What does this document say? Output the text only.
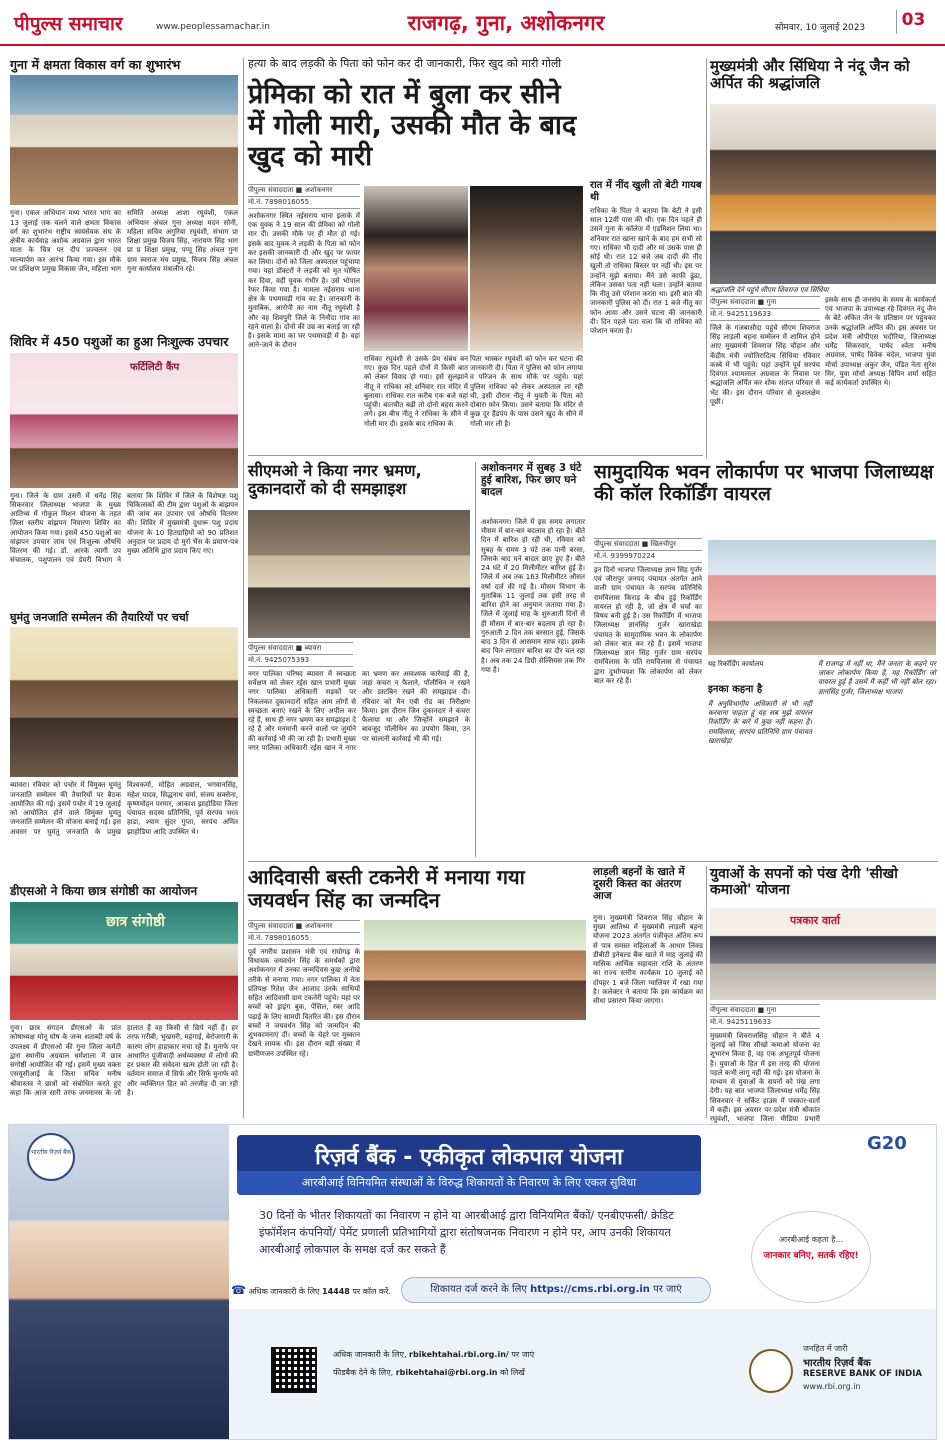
पीपुल्स समाचार	www.peoplessamachar.in	राजगढ़, गुना, अशोकनगर	सोमवार, 10 जुलाई 2023	03
गुना में क्षमता विकास वर्ग का शुभारंभ
गुना। एकल अभियान मध्य भारत भाग का 13 जुलाई तक चलने वाले क्षमता विकास वर्ग का शुभारंभ राष्ट्रीय स्वयंसेवक संघ के क्षेत्रीय कार्यवाह अशोक अग्रवाल द्वारा भारत माता के चित्र पर दीप प्रज्वलन एवं माल्यार्पण कर आरंभ किया गया। इस मौके पर प्रशिक्षण प्रमुख विकास जैन, महिला भाग समिति अध्यक्ष आशा रघुवंशी, एकल अभियान अंचल गुना अध्यक्ष मदन सोनी, महिला सचिव अंगुरिया रघुवंशी, संभाग प्रा शिक्षा प्रमुख विजय सिंह, नारायण सिंह भाग प्रा प्र शिक्षा प्रमुख, पप्पू सिंह अंचल गुना ग्राम स्वराज मंच प्रमुख, विजय सिंह अंचल गुना कार्यालय मंत्रालीन रहे।
शिविर में 450 पशुओं का हुआ निःशुल्क उपचार
फर्टिलिटी कैंप
गुना। जिले के ग्राम उसरी में धनेंद्र सिंह सिकरवार जिलाध्यक्ष भाजपा के मुख्य आतिथ्य में गोकुल मिशन योजना के तहत जिला स्तरीय वांझपन निवारण शिविर का आयोजन किया गया। इसमें 450 पशुओं का वांझपन उपचार जांच एवं निःशुल्क औषधि वितरण की गई। डॉ. आरके त्यागी उप संचालक, पशुपालन एवं डेयरी विभाग ने बताया कि शिविर में जिले के विशेषज्ञ पशु चिकित्सकों की टीम द्वारा पशुओं के बांझपन की जांच कर उपचार एवं औषधि वितरण की। शिविर में मुख्यमंत्री दुधारू पशु प्रदाय योजना के 10 हितग्राहियों को 90 प्रतिशत अनुदान पर प्रदाय दो मुर्रा भैंस के प्रमाण-पत्र मुख्य अतिथि द्वारा प्रदाय किए गए।
घुमंतु जनजाति सम्मेलन की तैयारियों पर चर्चा
ब्यावरा। रविवार को पचोर में विमुक्त घुमंतु जनजाति सम्मेलन की तैयारियों पर बैठक आयोजित की गई। इसमें पचोर में 19 जुलाई को आयोजित होने वाले विमुक्त घुमंतु जनजाति सम्मेलन की योजना बनाई गई। इस अवसर पर घुमंतु जनजाति के प्रमुख विश्वकर्मा, मोहित अग्रवाल, भगवानसिंह, महेश यादव, सिद्धनाथ वर्मा, संजय सक्सेना, कृष्णमोहन परमार, आकाश झाहोडिया जिला पंचायत सदस्य प्रतिनिधि, पूर्व सरपंच भरत हाडा, श्याम सुंदर गुप्ता, सरपंच अमित झाहोडिया आदि उपस्थित थे।
डीएसओ ने किया छात्र संगोष्ठी का आयोजन
छात्र संगोष्ठी
गुना। छात्र संगठन डीएसओ के प्रांत कोषाध्यक्ष मोनू घोष के जन्म शताब्दी वर्ष के उपलक्ष्य में डीएसओ की गुना जिला कमेटी द्वारा स्थानीय अग्रवाल धर्मशाला में छात्र संगोष्ठी आयोजित की गई। इसमें मुख्य वक्ता एसयूसीआई के जिला सचिव मनीष श्रीवास्तव ने छात्रों को संबोधित करते हुए कहा कि आज सारी तरफ जनमानस के जो हालात हैं वह किसी से छिपे नहीं हैं। हर तरफ गरीबी, भुखमरी, महंगाई, बेरोजगारी के कारण लोग हाहाकार मचा रहे हैं। मुनाफे पर आधारित पूंजीवादी अर्थव्यवस्था में लोगों की हर प्रकार की संवेदना खत्म होती जा रही है। वर्तमान समाज में सिर्फ और सिर्फ मुनाफे को और व्यक्तिगत हित को तरजीह दी जा रही है।
हत्या के बाद लड़की के पिता को फोन कर दी जानकारी, फिर खुद को मारी गोली
प्रेमिका को रात में बुला कर सीने में गोली मारी, उसकी मौत के बाद खुद को मारी
पीपुल्स संवाददाता ■ अशोकनगर
मो.नं. 7898016055
अशोकनगर स्थित नईसराय थाना इलाके में एक युवक ने 19 साल की प्रेमिका को गोली मार दी। उसकी मौके पर ही मौत हो गई। इसके बाद युवक ने लड़की के पिता को फोन कर इसकी जानकारी दी और खुद पर फायर कर लिया। दोनों को जिला अस्पताल पहुंचाया गया। यहां डॉक्टरों ने लड़की को मृत घोषित कर दिया, वहीं युवक गंभीर है। उसे भोपाल रेफर किया गया है। मामला नईसराय थाना क्षेत्र के पथमावड़ी गांव का है। जानकारी के मुताबिक, आरोपी का नाम नीतू रघुवंशी है और वह शिवपुरी जिले के निनौदा गांव का रहने वाला है। दोनों की उम्र का बताई जा रही है। इसके मामा का घर पथमावड़ी में है। वहां आने-जाने के दौरान
राधिका रघुवंशी से उसके प्रेम संबंध बन गए। कुछ दिन पहले दोनों में किसी बात को लेकर विवाद हो गया। इसे सुलझाने नीतू ने राधिका को शनिवार रात मंदिर में बुलाया। राधिका रात करीब एक बजे वहां पहुंची। बातचीत बढ़ी तो दोनों बहस करने लगे। इस बीच नीतू ने राधिका के सीने में गोली मार दी। इसके बाद राधिका के
पिता भास्कर रघुवंशी को फोन कर घटना की जानकारी दी। पिता ने पुलिस को फोन लगाया व परिजन के साथ मौके पर पहुंचे। यहां पुलिस राधिका को लेकर अस्पताल ला रही थी, इसी दौरान नीतू ने युवती के पिता को दोबारा फोन किया। उसने बताया कि मंदिर से कुछ दूर हैंडपंप के पास उसने खुद के सीने में गोली मार ली है।
रात में नींद खुली तो बेटी गायब थी
राधिका के पिता ने बताया कि बेटी ने इसी साल 12वीं पास की थी। एक दिन पहले ही उसने गुना के कॉलेज में एडमिशन लिया था। शनिवार रात खाना खाने के बाद हम सभी सो गए। राधिका भी दादी और मां उसके पास ही सोई थी। रात 12 बजे जब दादी की नींद खुली तो राधिका बिस्तर पर नहीं थी। इस पर उन्होंने मुझे बताया। मैंने उसे काफी ढूंढा, लेकिन उसका पता नहीं चला। उन्होंने बताया कि नीतू उसे परेशान करता था। इसी बात की जानकारी पुलिस को दी। रात 1 बजे नीतू का फोन आया और उसने घटना की जानकारी दी। दिन पहले पता चला कि वो राधिका को परेशान करता है।
सीएमओ ने किया नगर भ्रमण, दुकानदारों को दी समझाइश
पीपुल्स संवाददाता ■ ब्यावरा
मो.नं. 9425075393
नगर पालिका परिषद ब्यावरा में स्वच्छता सर्वेक्षण को लेकर रईस खान प्रभारी मुख्य नगर पालिका अधिकारी सड़कों पर निकलकर दुकानदारों सहित आम लोगों से स्वच्छता बनाए रखने के लिए अपील कर रहे हैं, साथ ही नगर भ्रमण कर समझाइश दे रहे हैं और मनमानी करने वालों पर जुर्माने की कार्रवाई भी की जा रही है। प्रभारी मुख्य नगर पालिका अधिकारी रईस खान ने नगर का भ्रमण कर आवश्यक कार्रवाई की है, जहां कचरा न फैलाने, पॉलीथिन न रखने और डस्टबिन रखने की समझाइश दी। रविवार को मैन एबी रोड का निरीक्षण किया। इस दौरान जिन दुकानदार ने कचरा फैलाया था और जिन्होंने समझाने के बावजूद पॉलीथिन का उपयोग किया, उन पर चालानी कार्रवाई भी की गई।
अशोकनगर में सुबह 3 घंटे हुई बारिश, फिर छाए घने बादल
अशोकनगर। जिले में इस समय लगातार मौसम में बार-बार बदलाव हो रहा है। बीते दिन में बारिश हो रही थी, रविवार को सुबह के समय 3 घंटे तक पानी बरसा, जिसके बाद घने बादल छाए हुए हैं। बीते 24 घंटे में 20 मिलीमीटर बारिश हुई है। जिले में अब तक 163 मिलीमीटर औसत वर्षा दर्ज की गई है। मौसम विभाग के मुताबिक 11 जुलाई तक इसी तरह से बारिश होने का अनुमान जताया गया है। जिले में जुलाई माह के शुरुआती दिनों से ही मौसम में बार-बार बदलाव हो रहा है। गुरुआती 2 दिन तक बरसात हुई, जिसके बाद 3 दिन से आसमान साफ रहा। इसके बाद फिर लगातार बारिश का दौर चल रहा है। अब तक 24 डिग्री सेल्सियस तक गिर गया है।
मुख्यमंत्री और सिंधिया ने नंदू जैन को अर्पित की श्रद्धांजलि
श्रद्धांजलि देने पहुंचे सीएम शिवराज एवं सिंधिया
पीपुल्स संवाददाता ■ गुना
मो.नं. 9425119633
जिले के गंजबासौदा पहुंचे सीएम शिवराज सिंह लाड़ली बहना सम्मेलन में शामिल होने आए मुख्यमंत्री शिवराज सिंह चौहान और केंद्रीय मंत्री ज्योतिरादित्य सिंधिया रविवार कस्बे में भी पहुंचे। यहां उन्होंने पूर्व सरपंच दिवंगत श्यामलाल अग्रवाल के निवास पर श्रद्धांजलि अर्पित कर शोक संतप्त परिवार से भेंट की। इस दौरान परिवार से कुशलक्षेम पूछी।
इसके साथ ही जनसंघ के समय के कार्यकर्ता एवं भाजपा के उपाध्यक्ष रहे दिवंगत नंदू जैन के बेटे अंकित जैन के प्रतिष्ठान पर पहुंचकर उनके श्रद्धांजलि अर्पित की। इस अवसर पर प्रदेश मंत्री ओपीएस भदौरिया, जिलाध्यक्ष धर्मेंद्र सिकरवार, पार्षद श्वेता मनीष अग्रवाल, पार्षद विवेक चंदेल, भाजपा युवा मोर्चा उपाध्यक्ष अंकुर जैन, पंडित नेता सुरेश मिर, युवा मोर्चा अध्यक्ष विपिन शर्मा सहित कई कार्यकर्ता उपस्थित थे।
सामुदायिक भवन लोकार्पण पर भाजपा जिलाध्यक्ष की कॉल रिकॉर्डिंग वायरल
पीपुल्स संवाददाता ■ खिलचीपुर
मो.नं. 9399970224
इन दिनों भाजपा जिलाध्यक्ष ज्ञान सिंह गुर्जर एवं जीरापुर जनपद पंचायत अंतर्गत आने वाली ग्राम पंचायत के सरपंच प्रतिनिधि रामविलास किराड़ के बीच हुई रिकॉर्डिंग वायरल हो रही है, जो क्षेत्र में चर्चा का विषय बनी हुई है। उस रिकॉर्डिंग में भाजपा जिलाध्यक्ष ज्ञानसिंह गुर्जर खाराखेड़ा पंचायत के सामुदायिक भवन के लोकार्पण को लेकर बात कर रहे हैं। इसमें भाजपा जिलाध्यक्ष ज्ञान सिंह गुर्जर ग्राम सरपंच रामविलास के पति रामविलास से पंचायत द्वारा दुर्भाग्यवश कि लोकार्पण को लेकर बात कर रहे हैं।
यह रिकॉर्डिंग कार्यालय
इनका कहना है
मैं अनुविभागीय अधिकारी से भी नहीं करवाना चाहता हूं यह सब मुझे वायरल रिकॉर्डिंग के बारे में कुछ नहीं कहना है। रामविलास, सरपंच प्रतिनिधि ग्राम पंचायत खाराखेड़ा
मैं राजगढ़ में नहीं था, मैंने जनता के कहने पर जाकर लोकार्पण किया है, यह रिकॉर्डिंग जो वायरल हुई है उसमें मैं कहीं भी नहीं बोल रहा। ज्ञानसिंह गुर्जर, जिलाध्यक्ष भाजपा
आदिवासी बस्ती टकनेरी में मनाया गया जयवर्धन सिंह का जन्मदिन
पीपुल्स संवाददाता ■ अशोकनगर
मो.नं. 7898016055
पूर्व नगरीय प्रशासन मंत्री एवं राघोगढ़ के विधायक जयवर्धन सिंह के समर्थकों द्वारा अशोकनगर में उनका जन्मदिवस कुछ अनोखे तरीके से मनाया गया। नगर पालिका में नेता प्रतिपक्ष रितेश जैन आजाद उनके साथियों सहित आदिवासी ग्राम टकनेरी पहुंचे। यहां पर बच्चों को ड्राइंग बुक, पेंसिल, रबर आदि पढ़ाई के लिए सामग्री वितरित की। इस दौरान बच्चों ने जयवर्धन सिंह को जन्मदिन की शुभकामनाएं दीं। बच्चों के चेहरे पर मुस्कान देखने लायक थी। इस दौरान बड़ी संख्या में ग्रामीणजन उपस्थित रहे।
लाड़ली बहनों के खाते में दूसरी किस्त का अंतरण आज
गुना। मुख्यमंत्री शिवराज सिंह चौहान के मुख्य आतिथ्य में मुख्यमंत्री लाड़ली बहना योजना 2023 अंतर्गत पंजीकृत अंतिम रूप से पात्र समस्त महिलाओं के आधार लिंक्ड डीबीटी इनेबल्ड बैंक खाते में माह जुलाई की मासिक आर्थिक सहायता राशि के अंतरण का राज्य स्तरीय कार्यक्रम 10 जुलाई को दोपहर 1 बजे जिला ग्वालियर में रखा गया है। कलेक्टर ने बताया कि इस कार्यक्रम का सीधा प्रसारण किया जाएगा।
युवाओं के सपनों को पंख देगी 'सीखो कमाओ' योजना
पत्रकार वार्ता
पीपुल्स संवाददाता ■ गुना
मो.नं. 9425119633
मुख्यमंत्री शिवराजसिंह चौहान ने बीते 4 जुलाई को जिस सीखो कमाओ योजना का शुभारंभ किया है, वह एक अभूतपूर्व योजना है। युवाओं के हित में इस तरह की योजना पहले कभी लागू नहीं की गई। इस योजना के माध्यम से युवाओं के सपनों को पंख लगा देगी। यह बात भाजपा जिलाध्यक्ष धर्मेंद्र सिंह सिकरवार ने सर्किट हाउस में पत्रकार-वार्ता में कही। इस अवसर पर प्रदेश मंत्री श्रीकांत रघुवंशी, भाजपा जिला मीडिया प्रभारी
भारतीय रिज़र्व बैंक	G20
रिज़र्व बैंक - एकीकृत लोकपाल योजना
आरबीआई विनियमित संस्थाओं के विरुद्ध शिकायतों के निवारण के लिए एकल सुविधा
30 दिनों के भीतर शिकायतों का निवारण न होने या आरबीआई द्वारा विनियमित बैंकों/ एनबीएफसी/ क्रेडिट इंफॉर्मेशन कंपनियों/ पेमेंट प्रणाली प्रतिभागियों द्वारा संतोषजनक निवारण न होने पर, आप उनकी शिकायत आरबीआई लोकपाल के समक्ष दर्ज कर सकते हैं
☎ अधिक जानकारी के लिए 14448 पर कॉल करें.	शिकायत दर्ज करने के लिए https://cms.rbi.org.in पर जाएं
आरबीआई कहता है...
जानकार बनिए, सतर्क रहिए!
अधिक जानकारी के लिए, rbikehtahai.rbi.org.in/ पर जाएं
फीडबैक देने के लिए, rbikehtahai@rbi.org.in को लिखें
जनहित में जारी
भारतीय रिज़र्व बैंक
RESERVE BANK OF INDIA
www.rbi.org.in
